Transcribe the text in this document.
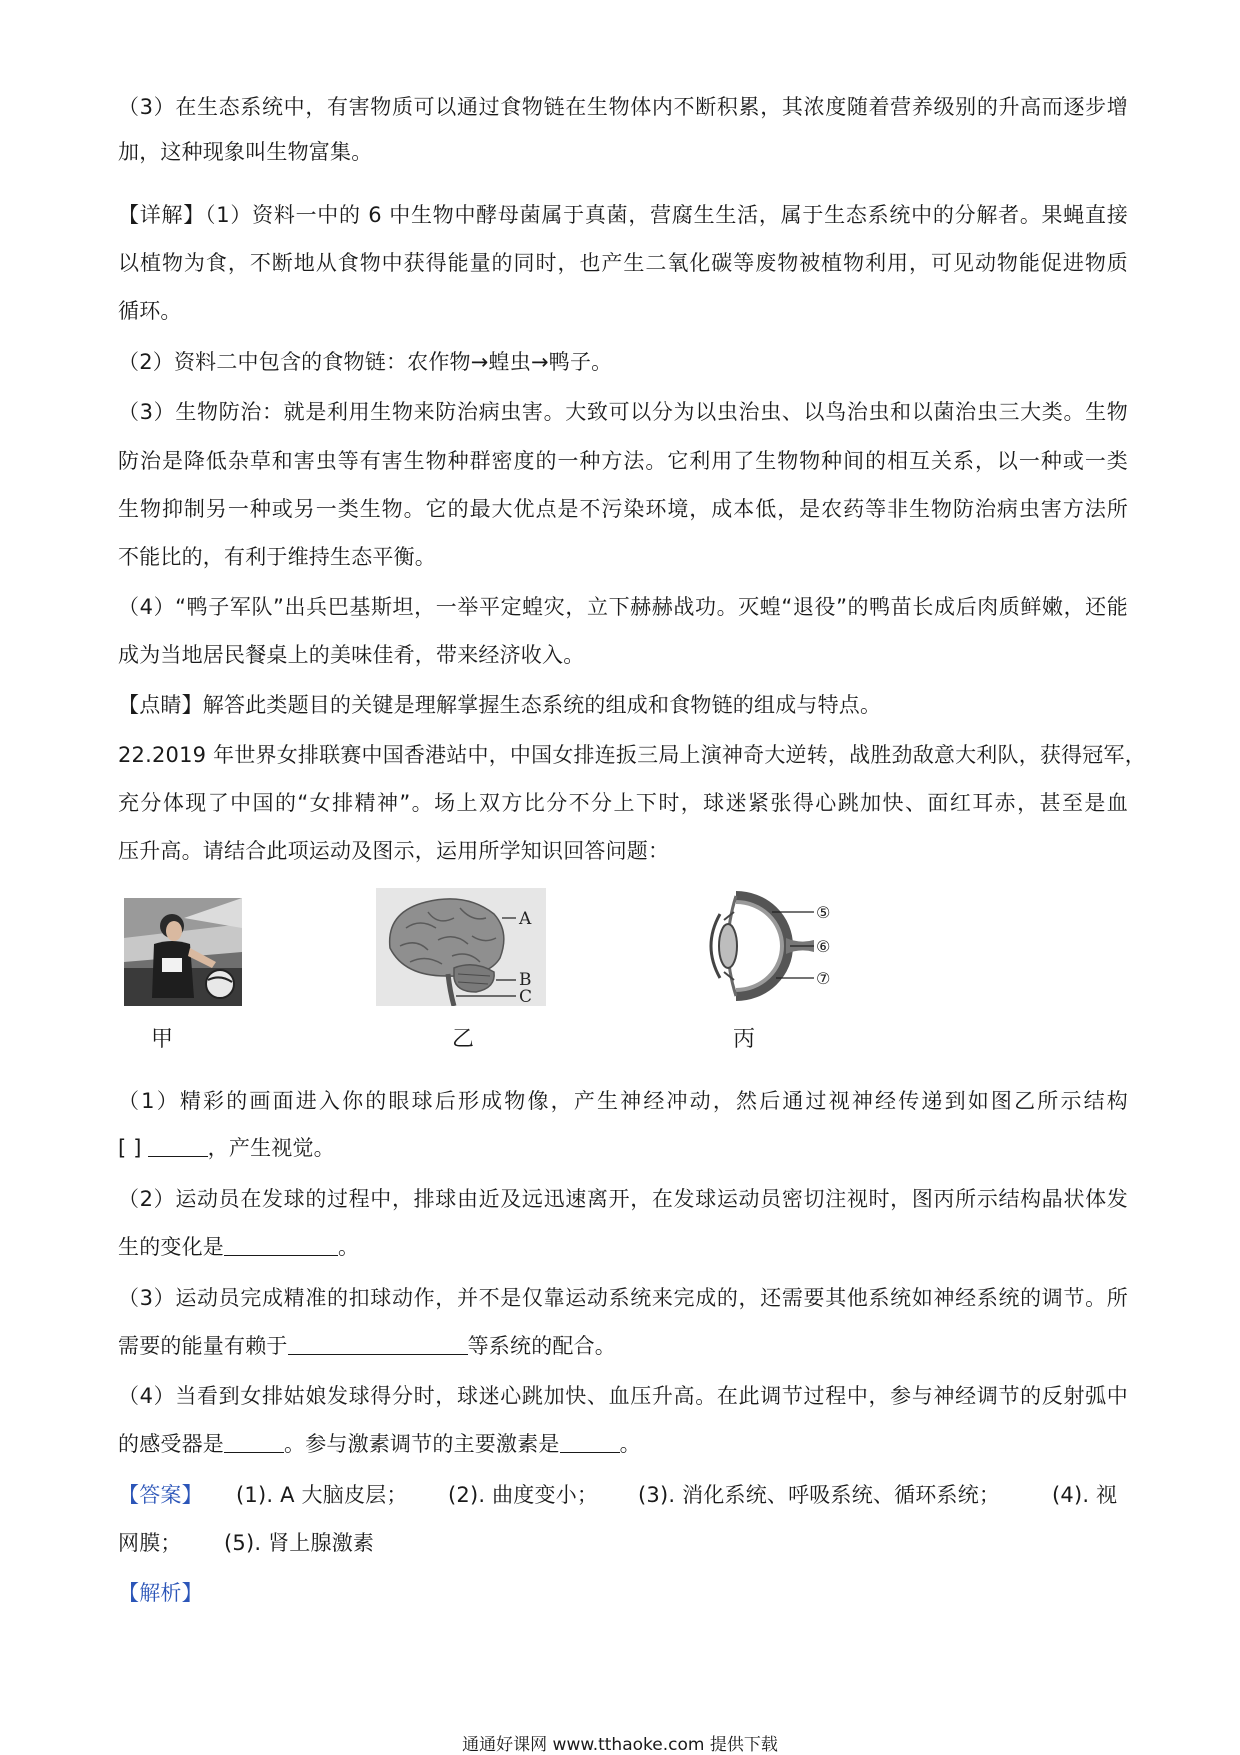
（3）在生态系统中，有害物质可以通过食物链在生物体内不断积累，其浓度随着营养级别的升高而逐步增
加，这种现象叫生物富集。
【详解】（1）资料一中的 6 中生物中酵母菌属于真菌，营腐生生活，属于生态系统中的分解者。果蝇直接
以植物为食，不断地从食物中获得能量的同时，也产生二氧化碳等废物被植物利用，可见动物能促进物质
循环。
（2）资料二中包含的食物链：农作物→蝗虫→鸭子。
（3）生物防治：就是利用生物来防治病虫害。大致可以分为以虫治虫、以鸟治虫和以菌治虫三大类。生物
防治是降低杂草和害虫等有害生物种群密度的一种方法。它利用了生物物种间的相互关系，以一种或一类
生物抑制另一种或另一类生物。它的最大优点是不污染环境，成本低，是农药等非生物防治病虫害方法所
不能比的，有利于维持生态平衡。
（4）“鸭子军队”出兵巴基斯坦，一举平定蝗灾，立下赫赫战功。灭蝗“退役”的鸭苗长成后肉质鲜嫩，还能
成为当地居民餐桌上的美味佳肴，带来经济收入。
【点睛】解答此类题目的关键是理解掌握生态系统的组成和食物链的组成与特点。
22.2019 年世界女排联赛中国香港站中，中国女排连扳三局上演神奇大逆转，战胜劲敌意大利队，获得冠军，
充分体现了中国的“女排精神”。场上双方比分不分上下时，球迷紧张得心跳加快、面红耳赤，甚至是血
压升高。请结合此项运动及图示，运用所学知识回答问题：
A
B
C
⑤
⑥
⑦
甲	乙	丙
（1）精彩的画面进入你的眼球后形成物像，产生神经冲动，然后通过视神经传递到如图乙所示结构
[ ]	，产生视觉。
（2）运动员在发球的过程中，排球由近及远迅速离开，在发球运动员密切注视时，图丙所示结构晶状体发
生的变化是	。
（3）运动员完成精准的扣球动作，并不是仅靠运动系统来完成的，还需要其他系统如神经系统的调节。所
需要的能量有赖于	等系统的配合。
（4）当看到女排姑娘发球得分时，球迷心跳加快、血压升高。在此调节过程中，参与神经调节的反射弧中
的感受器是	。参与激素调节的主要激素是	。
【答案】 (1). A 大脑皮层； (2). 曲度变小； (3). 消化系统、呼吸系统、循环系统； (4). 视
网膜； (5). 肾上腺激素
【解析】
通通好课网 www.tthaoke.com 提供下载
